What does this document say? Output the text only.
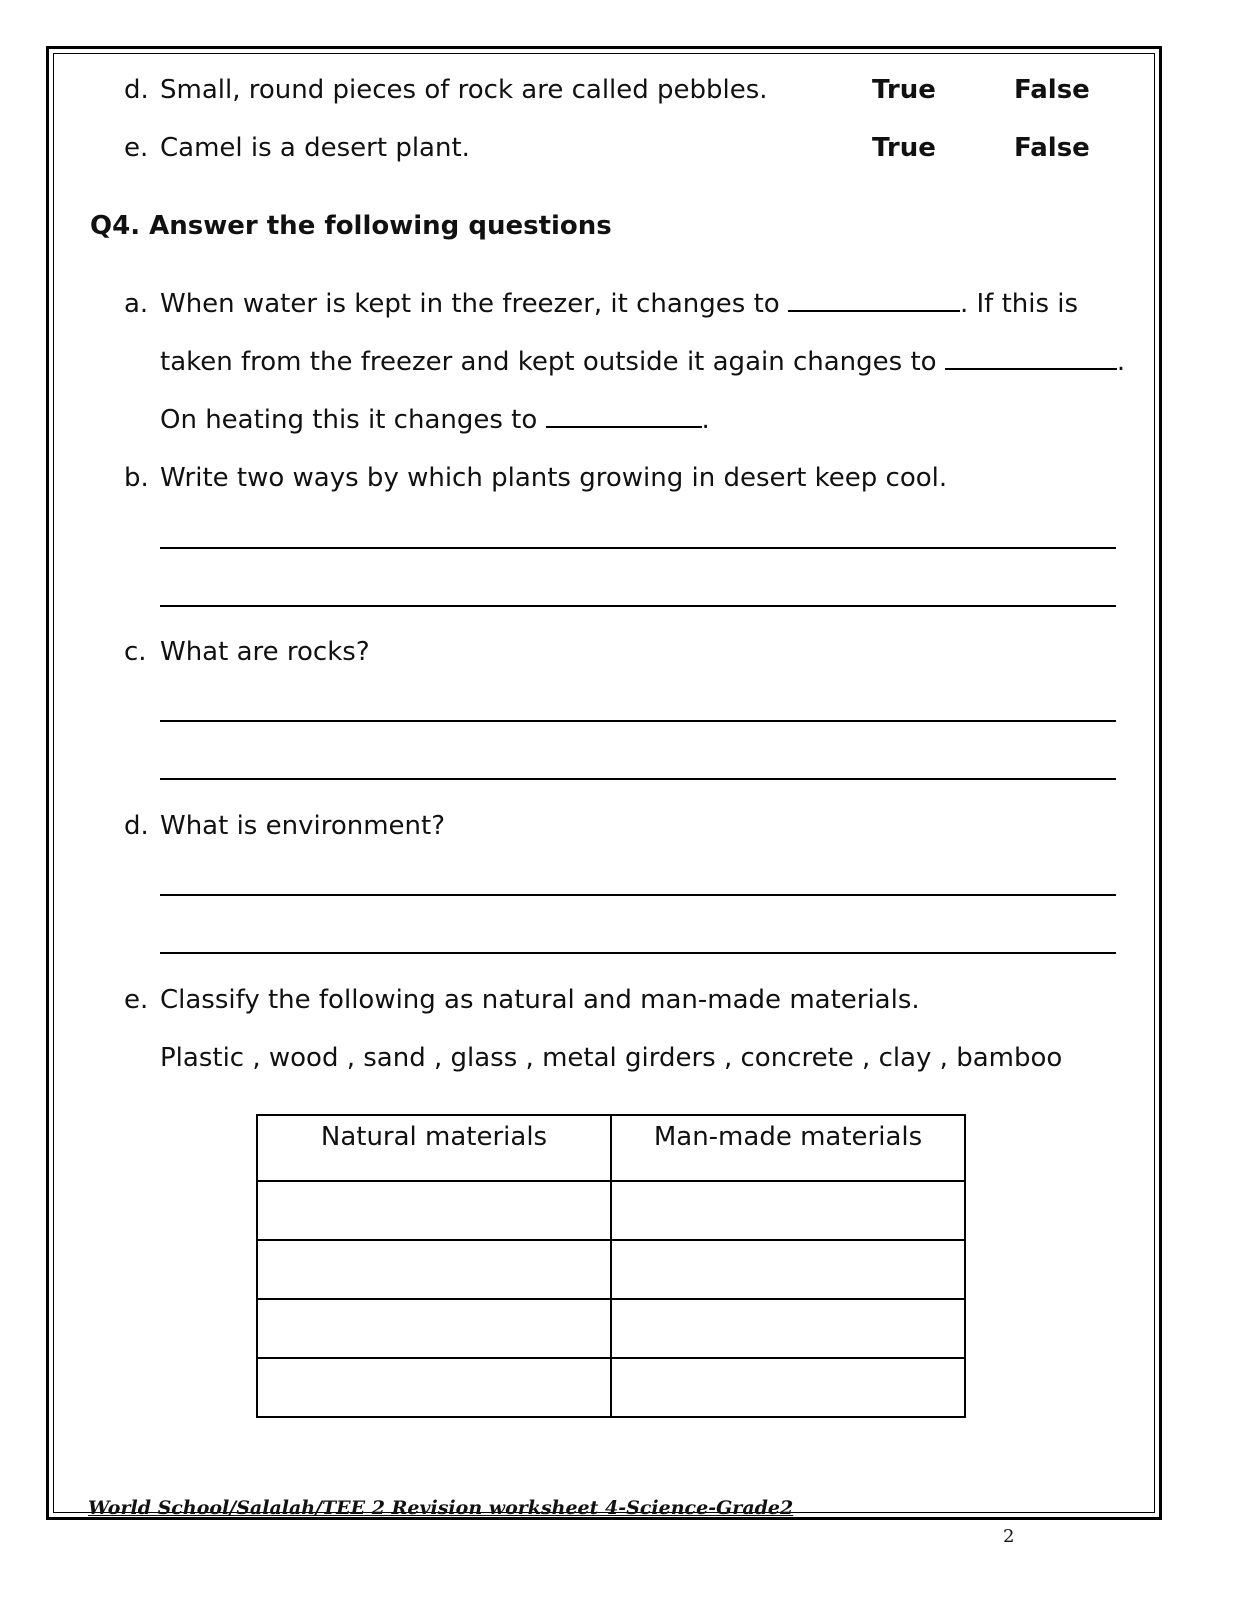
d. Small, round pieces of rock are called pebbles.	True	False
e. Camel is a desert plant.	True	False
Q4. Answer the following questions
a. When water is kept in the freezer, it changes to	. If this is
taken from the freezer and kept outside it again changes to	.
On heating this it changes to	.
b. Write two ways by which plants growing in desert keep cool.
c. What are rocks?
d. What is environment?
e. Classify the following as natural and man-made materials.
Plastic , wood , sand , glass , metal girders , concrete , clay , bamboo
Natural materials	Man-made materials

World School/Salalah/TEE 2 Revision worksheet 4-Science-Grade2
2
